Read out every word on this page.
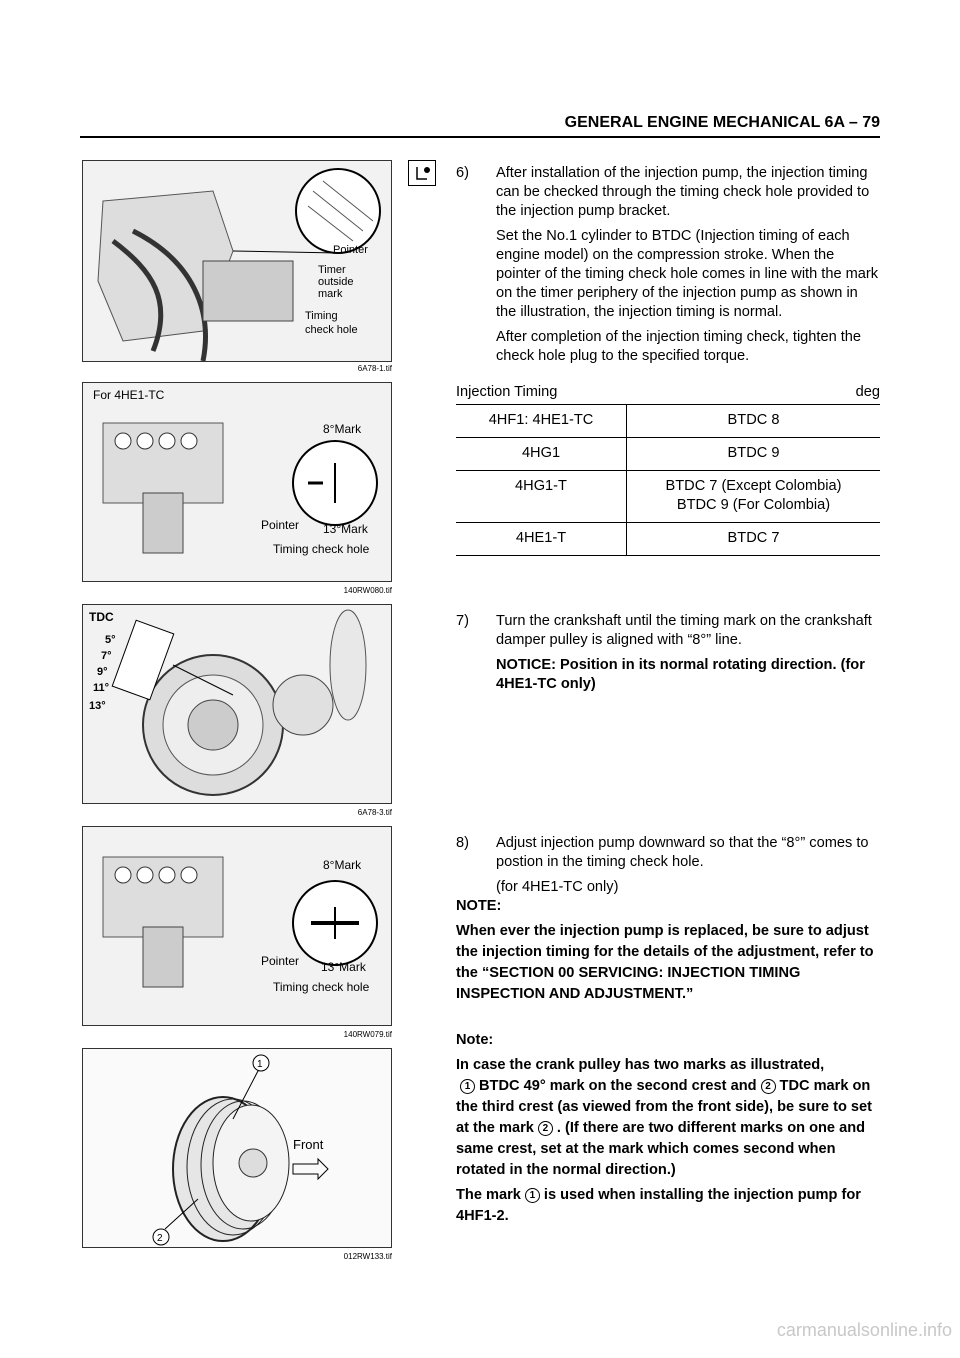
GENERAL ENGINE MECHANICAL 6A – 79
Pointer
Timer
outside
mark
Timing
check hole
6A78-1.tif
For 4HE1-TC
8°Mark
Pointer 13°Mark
Timing check hole
140RW080.tif
TDC
5°
7°
9°
11°
13°
6A78-3.tif
8°Mark
Pointer 13°Mark
Timing check hole
140RW079.tif
1
Front
2
012RW133.tif
6) After installation of the injection pump, the injection timing can be checked through the timing check hole provided to the injection pump bracket.

Set the No.1 cylinder to BTDC (Injection timing of each engine model) on the compression stroke. When the pointer of the timing check hole comes in line with the mark on the timer periphery of the injection pump as shown in the illustration, the injection timing is normal.

After completion of the injection timing check, tighten the check hole plug to the specified torque.

Injection Timing	deg
4HF1: 4HE1-TC	BTDC 8
4HG1	BTDC 9
4HG1-T	BTDC 7 (Except Colombia)
BTDC 9 (For Colombia)
4HE1-T	BTDC 7
7) Turn the crankshaft until the timing mark on the crankshaft damper pulley is aligned with “8°” line.

NOTICE: Position in its normal rotating direction. (for 4HE1-TC only)

8) Adjust injection pump downward so that the “8°” comes to postion in the timing check hole.

(for 4HE1-TC only)

NOTE:

When ever the injection pump is replaced, be sure to adjust the injection timing for the details of the adjustment, refer to the “SECTION 00 SERVICING: INJECTION TIMING INSPECTION AND ADJUSTMENT.”

Note:

In case the crank pulley has two marks as illustrated,
1 BTDC 49° mark on the second crest and 2 TDC mark on the third crest (as viewed from the front side), be sure to set at the mark 2 . (If there are two different marks on one and same crest, set at the mark which comes second when rotated in the normal direction.)

The mark 1 is used when installing the injection pump for 4HF1-2.

carmanualsonline.info
